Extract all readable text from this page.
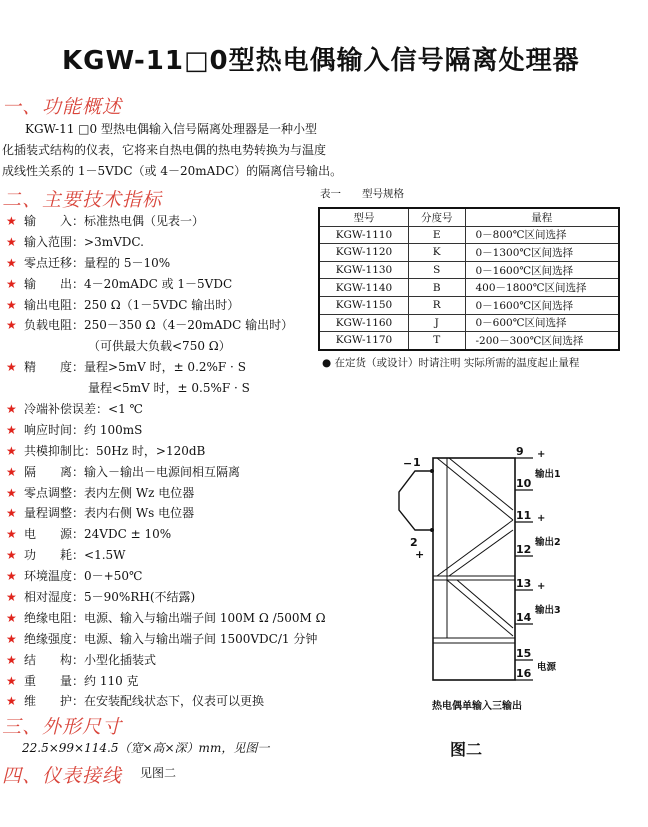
KGW-11□0型热电偶输入信号隔离处理器
一、功能概述
KGW-11 □0 型热电偶输入信号隔离处理器是一种小型
化插装式结构的仪表，它将来自热电偶的热电势转换为与温度
成线性关系的 1－5VDC（或 4－20mADC）的隔离信号输出。
二、主要技术指标
★ 输　　入：标准热电偶（见表一）
★ 输入范围：>3mVDC.
★ 零点迁移：量程的 5－10%
★ 输　　出：4－20mADC 或 1－5VDC
★ 输出电阻：250 Ω（1－5VDC 输出时）
★ 负载电阻：250－350 Ω（4－20mADC 输出时）
（可供最大负载<750 Ω）
★ 精　　度：量程>5mV 时，± 0.2%F · S
量程<5mV 时，± 0.5%F · S
★ 冷端补偿误差：<1 ℃
★ 响应时间：约 100mS
★ 共模抑制比：50Hz 时，>120dB
★ 隔　　离：输入－输出－电源间相互隔离
★ 零点调整：表内左侧 Wz 电位器
★ 量程调整：表内右侧 Ws 电位器
★ 电　　源：24VDC ± 10%
★ 功　　耗：<1.5W
★ 环境温度：0－+50℃
★ 相对湿度：5－90%RH(不结露)
★ 绝缘电阻：电源、输入与输出端子间 100M Ω /500M Ω
★ 绝缘强度：电源、输入与输出端子间 1500VDC/1 分钟
★ 结　　构：小型化插装式
★ 重　　量：约 110 克
★ 维　　护：在安装配线状态下，仪表可以更换
三、外形尺寸
22.5×99×114.5（宽×高×深）mm，见图一
四、仪表接线 见图二
表一　　型号规格
型号	分度号	量程
KGW-1110	E	0－800℃区间选择
KGW-1120	K	0－1300℃区间选择
KGW-1130	S	0－1600℃区间选择
KGW-1140	B	400－1800℃区间选择
KGW-1150	R	0－1600℃区间选择
KGW-1160	J	0－600℃区间选择
KGW-1170	T	-200－300℃区间选择
● 在定货（或设计）时请注明 实际所需的温度起止量程
− 1
2
+
9
10
11
12
13
14
15
16
+
+
+
输出1
输出2
输出3
电源
热电偶单输入三输出
图二
